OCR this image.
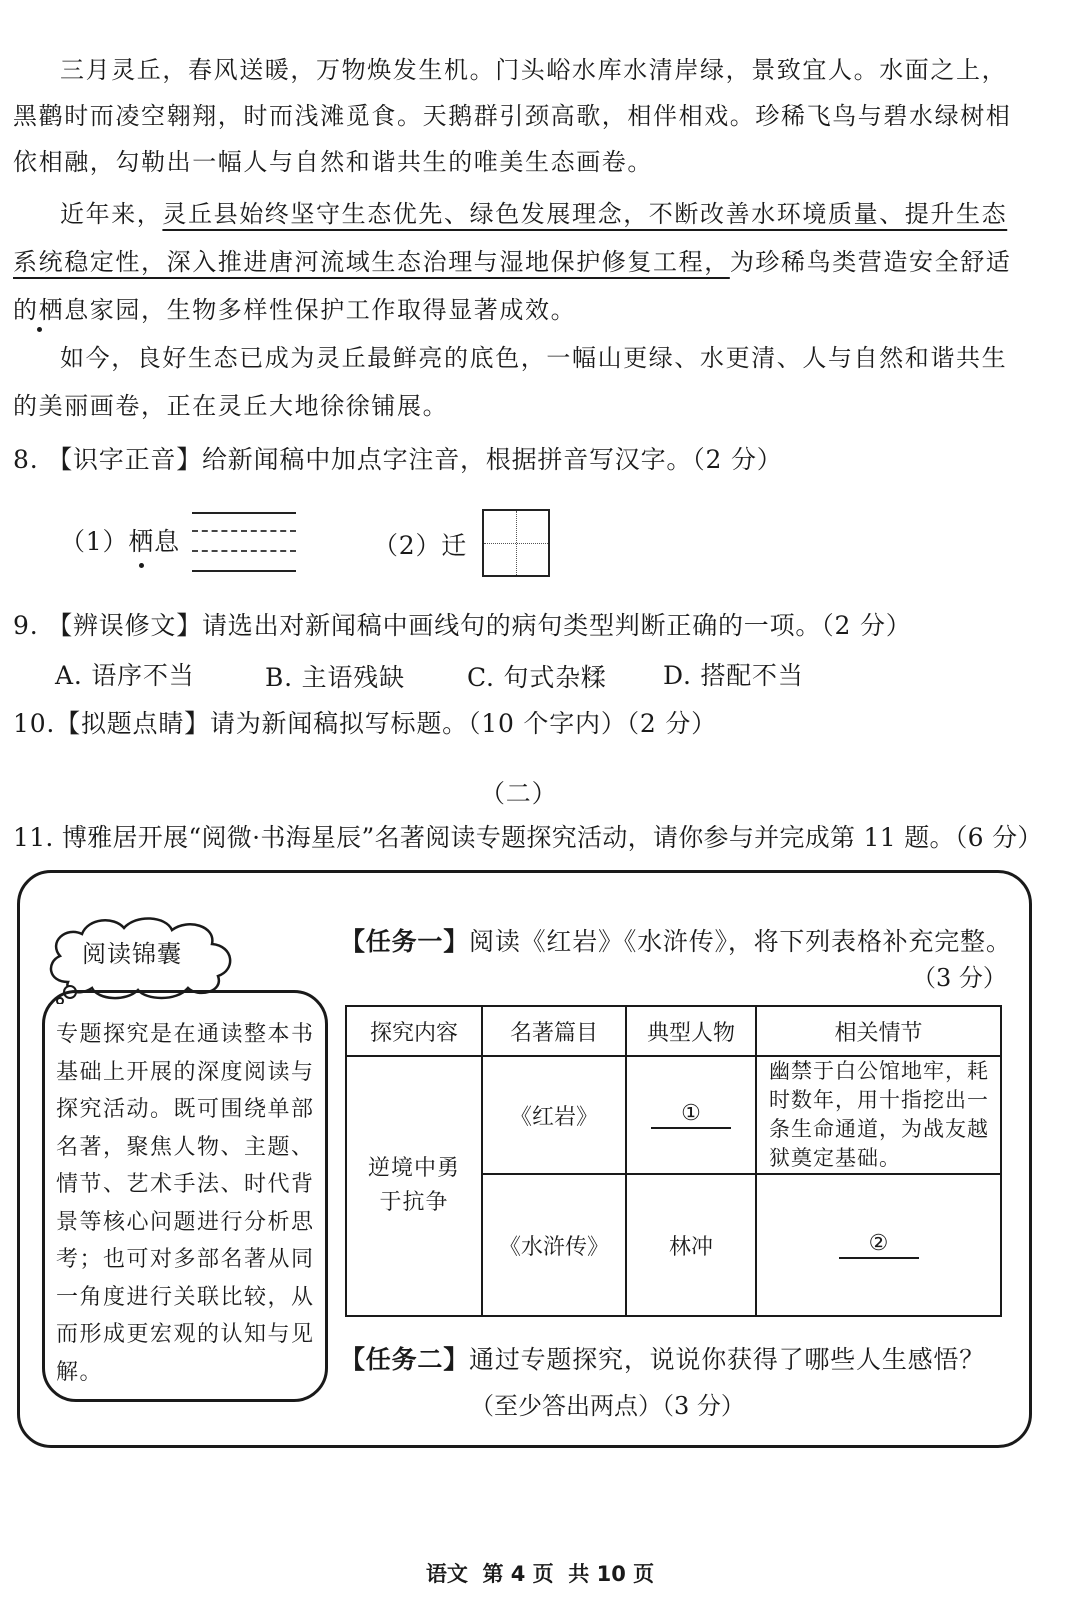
三月灵丘，春风送暖，万物焕发生机。门头峪水库水清岸绿，景致宜人。水面之上，
黑鹳时而凌空翱翔，时而浅滩觅食。天鹅群引颈高歌，相伴相戏。珍稀飞鸟与碧水绿树相
依相融，勾勒出一幅人与自然和谐共生的唯美生态画卷。
近年来，灵丘县始终坚守生态优先、绿色发展理念，不断改善水环境质量、提升生态
系统稳定性，深入推进唐河流域生态治理与湿地保护修复工程，为珍稀鸟类营造安全舒适
的栖息家园，生物多样性保护工作取得显著成效。
如今，良好生态已成为灵丘最鲜亮的底色，一幅山更绿、水更清、人与自然和谐共生
的美丽画卷，正在灵丘大地徐徐铺展。
8. 【识字正音】给新闻稿中加点字注音，根据拼音写汉字。（2 分）
（1）栖息	（2）迁
9. 【辨误修文】请选出对新闻稿中画线句的病句类型判断正确的一项。（2 分）
A. 语序不当	B. 主语残缺 C. 句式杂糅 D. 搭配不当
10.【拟题点睛】请为新闻稿拟写标题。（10 个字内）（2 分）
（二）
11. 博雅居开展“阅微·书海星辰”名著阅读专题探究活动，请你参与并完成第 11 题。（6 分）
阅读锦囊
专题探究是在通读整本书基础上开展的深度阅读与探究活动。既可围绕单部名著，聚焦人物、主题、情节、艺术手法、时代背景等核心问题进行分析思考；也可对多部名著从同一角度进行关联比较，从而形成更宏观的认知与见解。
【任务一】阅读《红岩》《水浒传》，将下列表格补充完整。
（3 分）
探究内容	名著篇目	典型人物	相关情节

逆境中勇于抗争	《红岩》	①	幽禁于白公馆地牢，耗时数年，用十指挖出一条生命通道，为战友越狱奠定基础。
	《水浒传》	林冲	②
【任务二】通过专题探究，说说你获得了哪些人生感悟？
（至少答出两点）（3 分）
语文  第 4 页  共 10 页
